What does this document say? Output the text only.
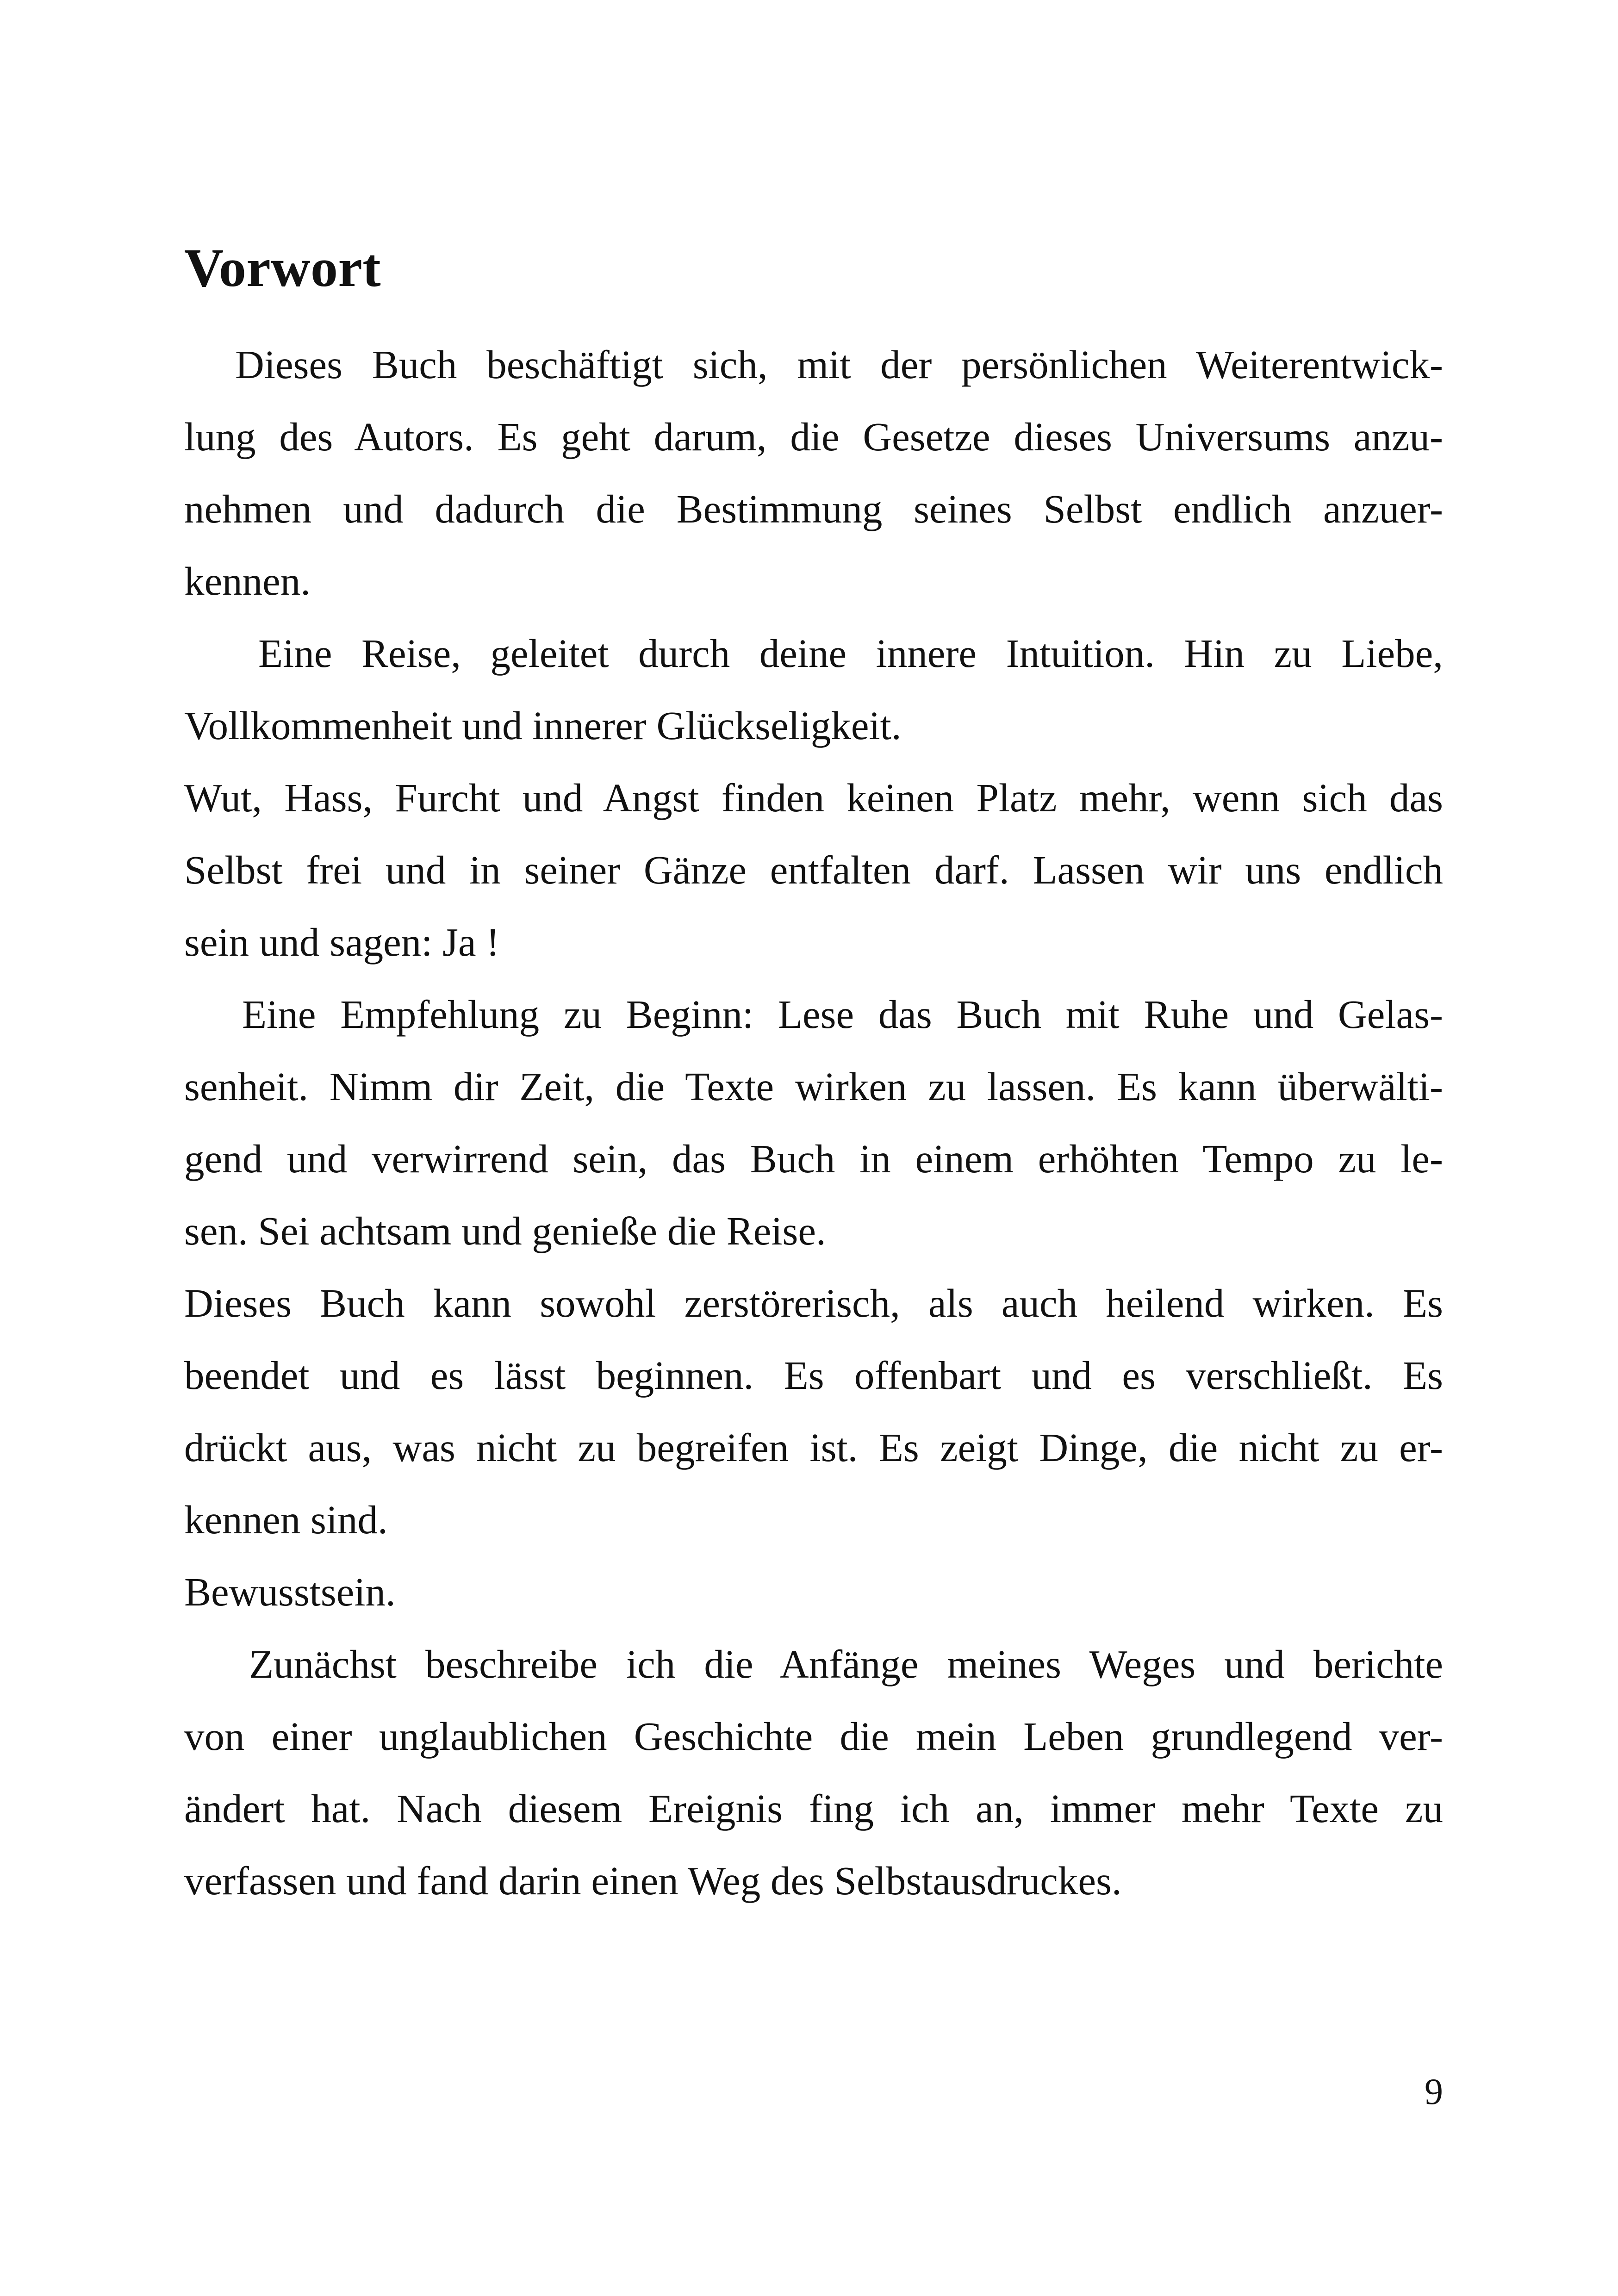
Vorwort
Dieses Buch beschäftigt sich, mit der persönlichen Weiterentwick-
lung des Autors. Es geht darum, die Gesetze dieses Universums anzu-
nehmen und dadurch die Bestimmung seines Selbst endlich anzuer-
kennen.
Eine Reise, geleitet durch deine innere Intuition. Hin zu Liebe,
Vollkommenheit und innerer Glückseligkeit.
Wut, Hass, Furcht und Angst finden keinen Platz mehr, wenn sich das
Selbst frei und in seiner Gänze entfalten darf. Lassen wir uns endlich
sein und sagen: Ja !
Eine Empfehlung zu Beginn: Lese das Buch mit Ruhe und Gelas-
senheit. Nimm dir Zeit, die Texte wirken zu lassen. Es kann überwälti-
gend und verwirrend sein, das Buch in einem erhöhten Tempo zu le-
sen. Sei achtsam und genieße die Reise.
Dieses Buch kann sowohl zerstörerisch, als auch heilend wirken. Es
beendet und es lässt beginnen. Es offenbart und es verschließt. Es
drückt aus, was nicht zu begreifen ist. Es zeigt Dinge, die nicht zu er-
kennen sind.
Bewusstsein.
Zunächst beschreibe ich die Anfänge meines Weges und berichte
von einer unglaublichen Geschichte die mein Leben grundlegend ver-
ändert hat. Nach diesem Ereignis fing ich an, immer mehr Texte zu
verfassen und fand darin einen Weg des Selbstausdruckes.
9
